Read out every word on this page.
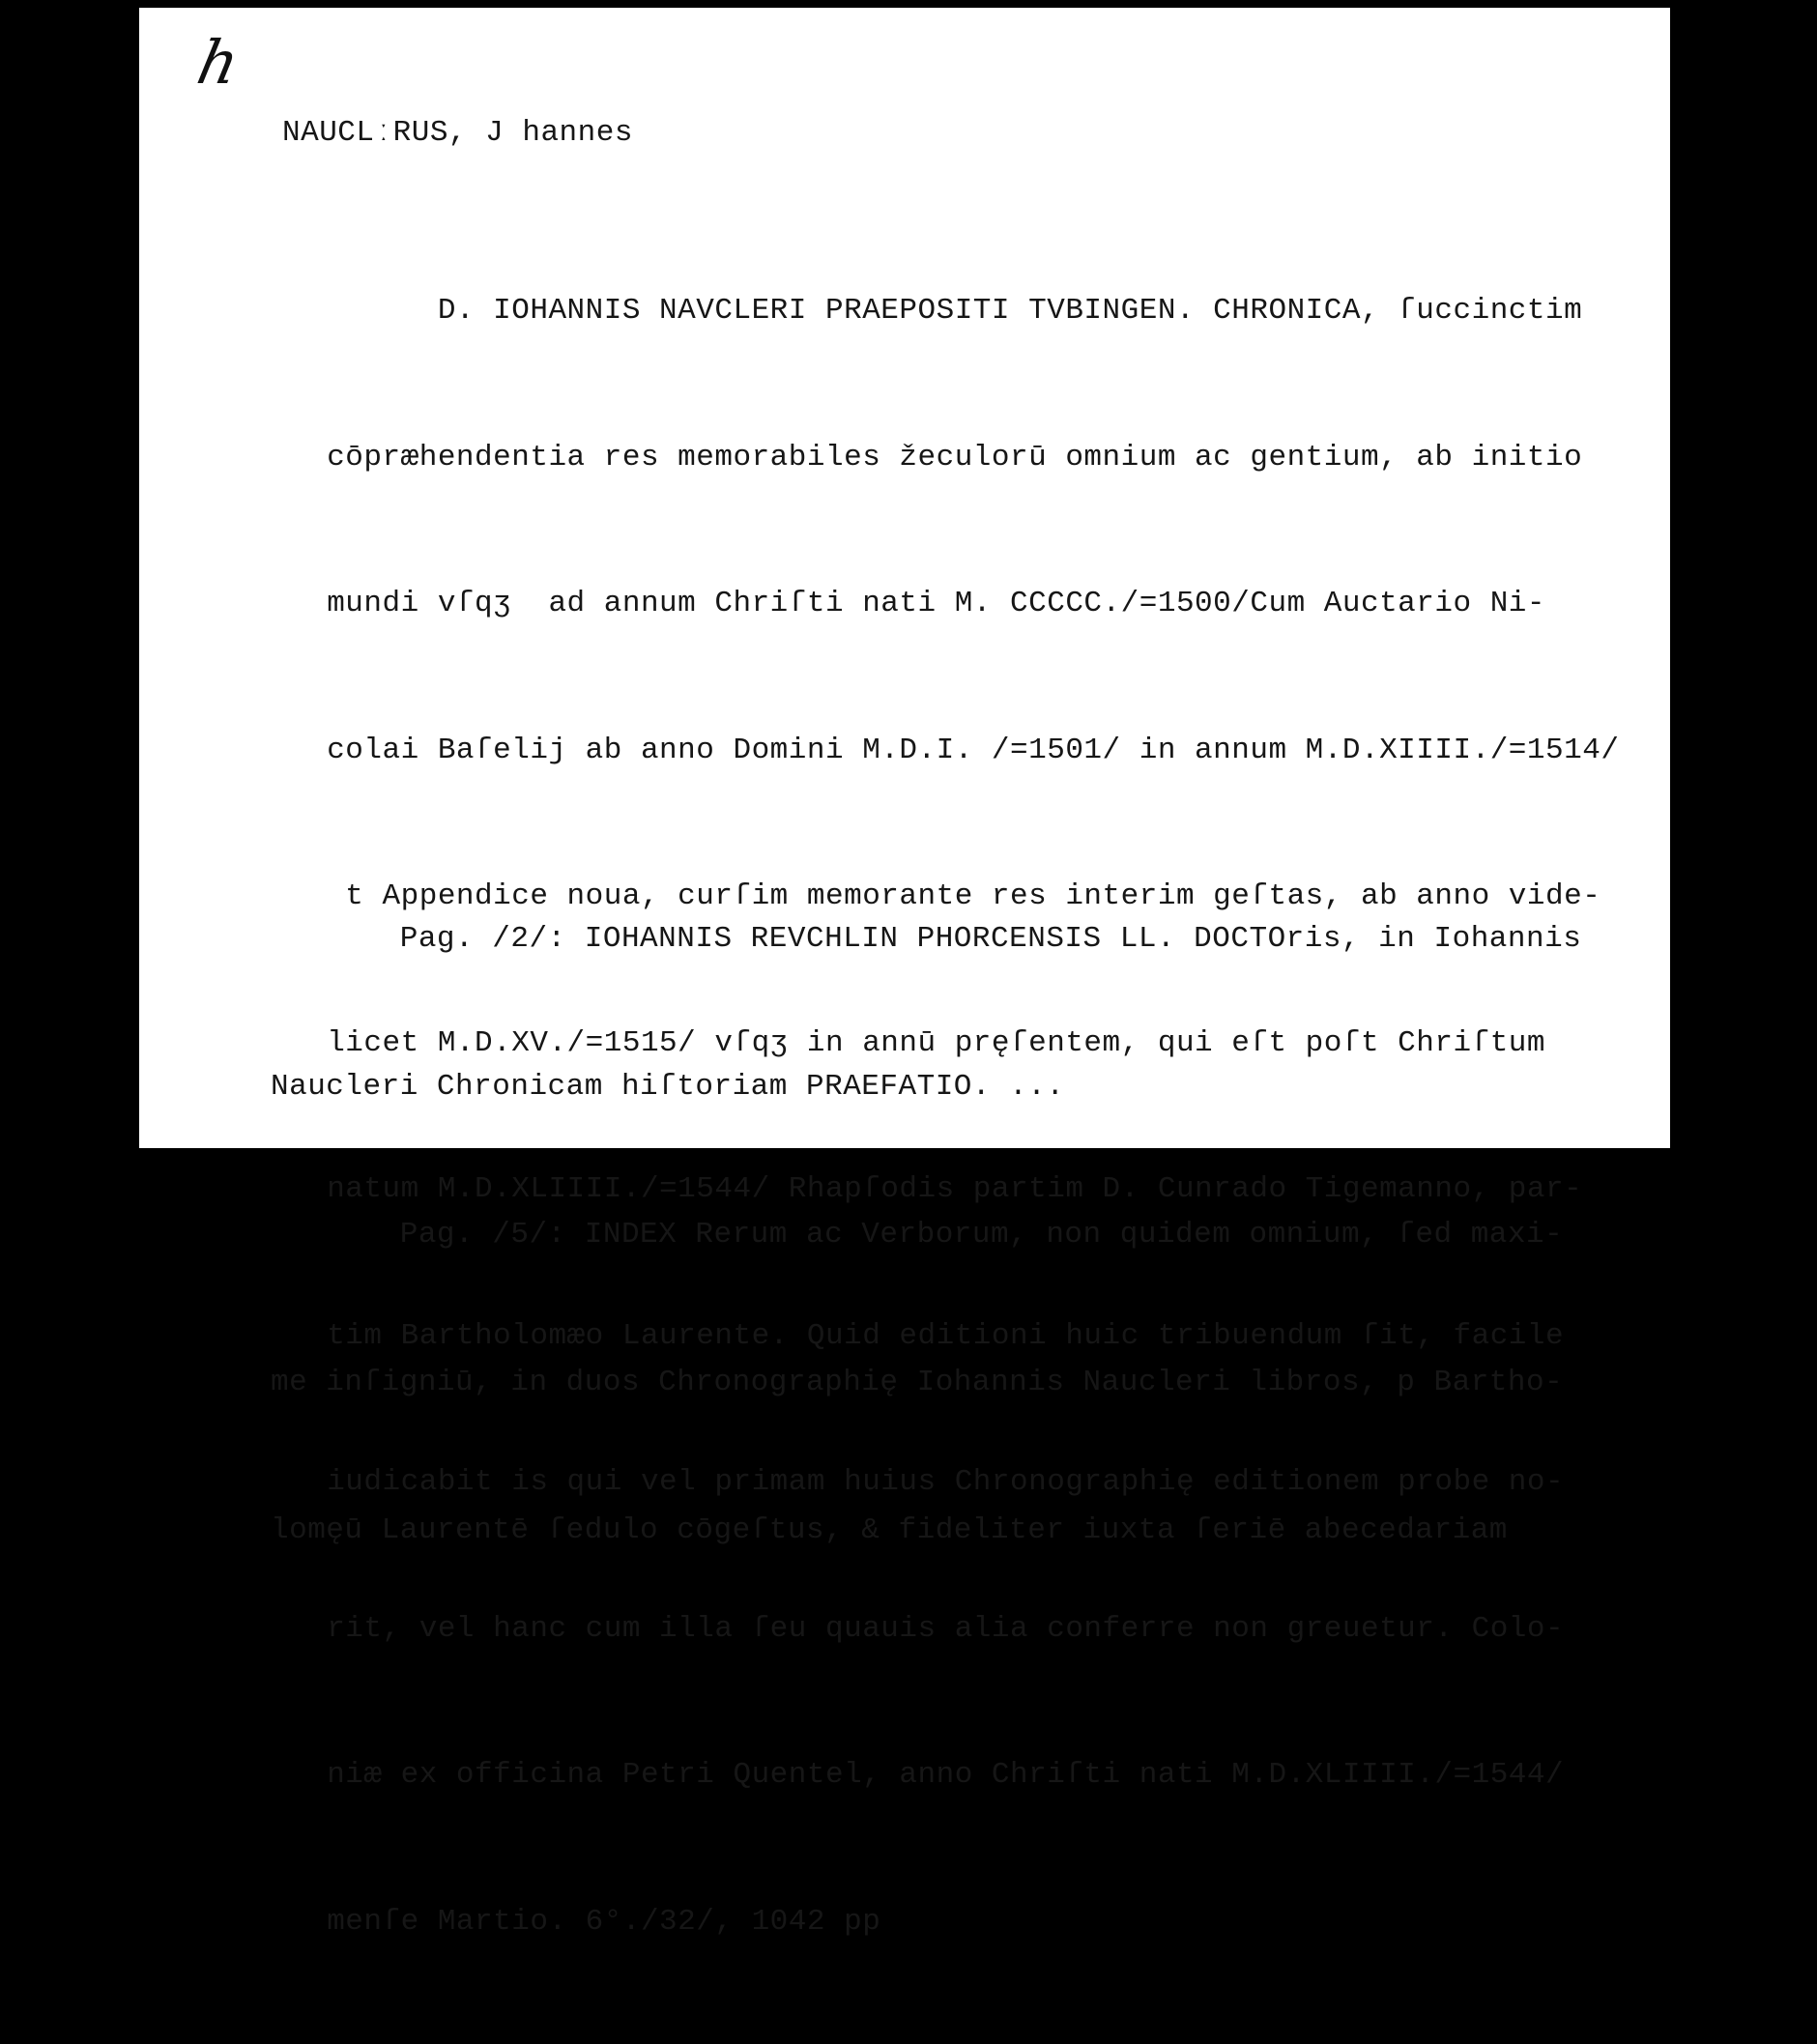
h
NAUCLːRUS, J hannes

D. IOHANNIS NAVCLERI PRAEPOSITI TVBINGEN. CHRONICA, ſuccinctim

cōpræhendentia res memorabiles žeculorū omnium ac gentium, ab initio

mundi vſqʒ  ad annum Chriſti nati M. CCCCC./=1500/Cum Auctario Ni-

colai Baſelij ab anno Domini M.D.I. /=1501/ in annum M.D.XIIII./=1514/

t Appendice noua, curſim memorante res interim geſtas, ab anno vide-

licet M.D.XV./=1515/ vſqʒ in annū pręſentem, qui eſt poſt Chriſtum

natum M.D.XLIIII./=1544/ Rhapſodis partim D. Cunrado Tigemanno, par-

tim Bartholomæo Laurente. Quid editioni huic tribuendum ſit, facile

iudicabit is qui vel primam huius Chronographię editionem probe no-

rit, vel hanc cum illa ſeu quauis alia conferre non greuetur. Colo-

niæ ex officina Petri Quentel, anno Chriſti nati M.D.XLIIII./=1544/

menſe Martio. 6°./32/, 1042 pp

Pag. /2/: IOHANNIS REVCHLIN PHORCENSIS LL. DOCTOris, in Iohannis

Naucleri Chronicam hiſtoriam PRAEFATIO. ...

Pag. /5/: INDEX Rerum ac Verborum, non quidem omnium, ſed maxi-

me inſigniū, in duos Chronographię Iohannis Naucleri libros, p Bartho-

lomęū Laurentē ſedulo cōgeſtus, & fideliter iuxta ſeriē abecedariam
